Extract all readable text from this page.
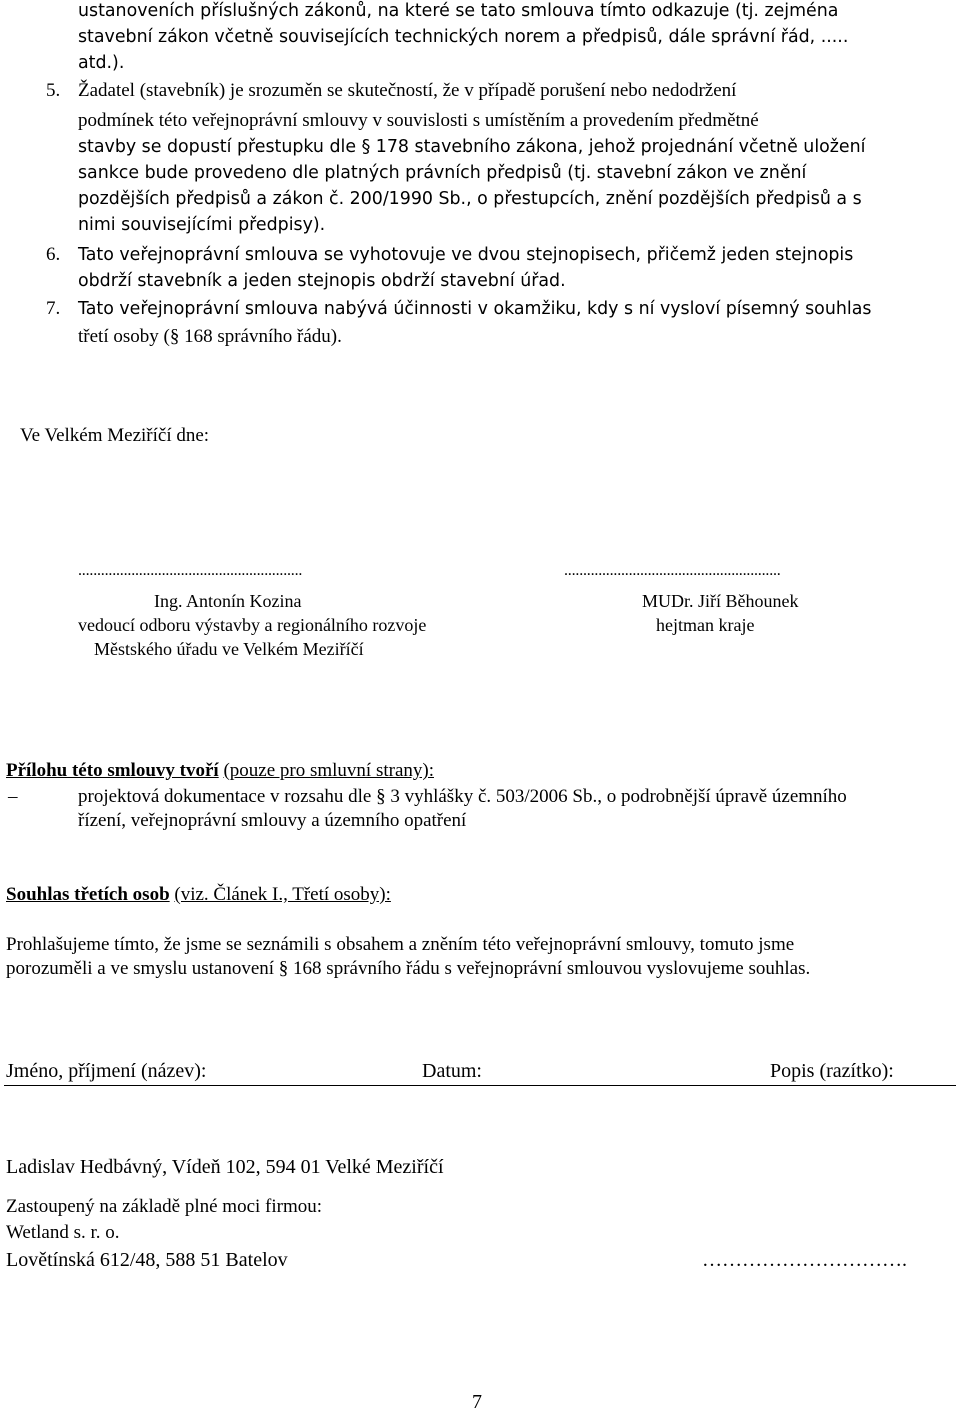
ustanoveních příslušných zákonů, na které se tato smlouva tímto odkazuje (tj. zejména
stavební zákon včetně souvisejících technických norem a předpisů, dále správní řád, .....
atd.).
5. Žadatel (stavebník) je srozuměn se skutečností, že v případě porušení nebo nedodržení
podmínek této veřejnoprávní smlouvy v souvislosti s umístěním a provedením předmětné
stavby se dopustí přestupku dle § 178 stavebního zákona, jehož projednání včetně uložení
sankce bude provedeno dle platných právních předpisů (tj. stavební zákon ve znění
pozdějších předpisů a zákon č. 200/1990 Sb., o přestupcích, znění pozdějších předpisů a s
nimi souvisejícími předpisy).
6. Tato veřejnoprávní smlouva se vyhotovuje ve dvou stejnopisech, přičemž jeden stejnopis
obdrží stavebník a jeden stejnopis obdrží stavební úřad.
7. Tato veřejnoprávní smlouva nabývá účinnosti v okamžiku, kdy s ní vysloví písemný souhlas
třetí osoby (§ 168 správního řádu).
Ve Velkém Meziříčí dne:
...........................................................
Ing. Antonín Kozina
vedoucí odboru výstavby a regionálního rozvoje
Městského úřadu ve Velkém Meziříčí
.........................................................
MUDr. Jiří Běhounek
hejtman kraje
Přílohu této smlouvy tvoří (pouze pro smluvní strany):
–	projektová dokumentace v rozsahu dle § 3 vyhlášky č. 503/2006 Sb., o podrobnější úpravě územního
řízení, veřejnoprávní smlouvy a územního opatření
Souhlas třetích osob (viz. Článek I., Třetí osoby):
Prohlašujeme tímto, že jsme se seznámili s obsahem a zněním této veřejnoprávní smlouvy, tomuto jsme
porozuměli a ve smyslu ustanovení § 168 správního řádu s veřejnoprávní smlouvou vyslovujeme souhlas.
Jméno, příjmení (název):	Datum:	Popis (razítko):
Ladislav Hedbávný, Vídeň 102, 594 01 Velké Meziříčí
Zastoupený na základě plné moci firmou:
Wetland s. r. o.
Lovětínská 612/48, 588 51 Batelov	………………………….
7
